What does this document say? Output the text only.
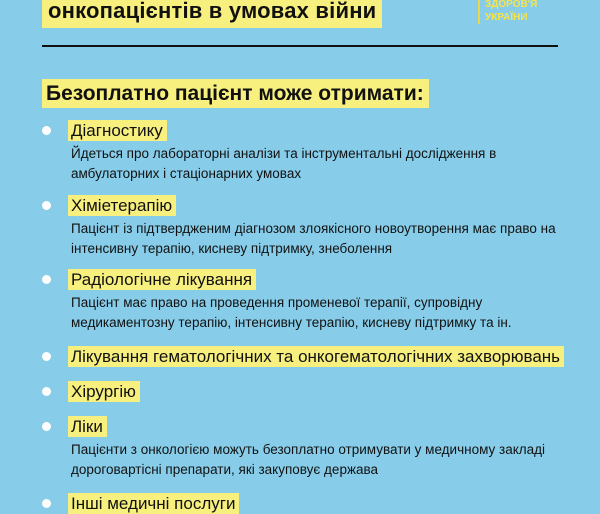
онкопацієнтів в умовах війни	ЗДОРОВ'Я
УКРАЇНИ
Безоплатно пацієнт може отримати:
Діагностику
Йдеться про лабораторні аналізи та інструментальні дослідження в амбулаторних і стаціонарних умовах
Хіміетерапію
Пацієнт із підтвердженим діагнозом злоякісного новоутворення має право на інтенсивну терапію, кисневу підтримку, знеболення
Радіологічне лікування
Пацієнт має право на проведення променевої терапії, супровідну медикаментозну терапію, інтенсивну терапію, кисневу підтримку та ін.
Лікування гематологічних та онкогематологічних захворювань
Хірургію
Ліки
Пацієнти з онкологією можуть безоплатно отримувати у медичному закладі дороговартісні препарати, які закуповує держава
Інші медичні послуги
